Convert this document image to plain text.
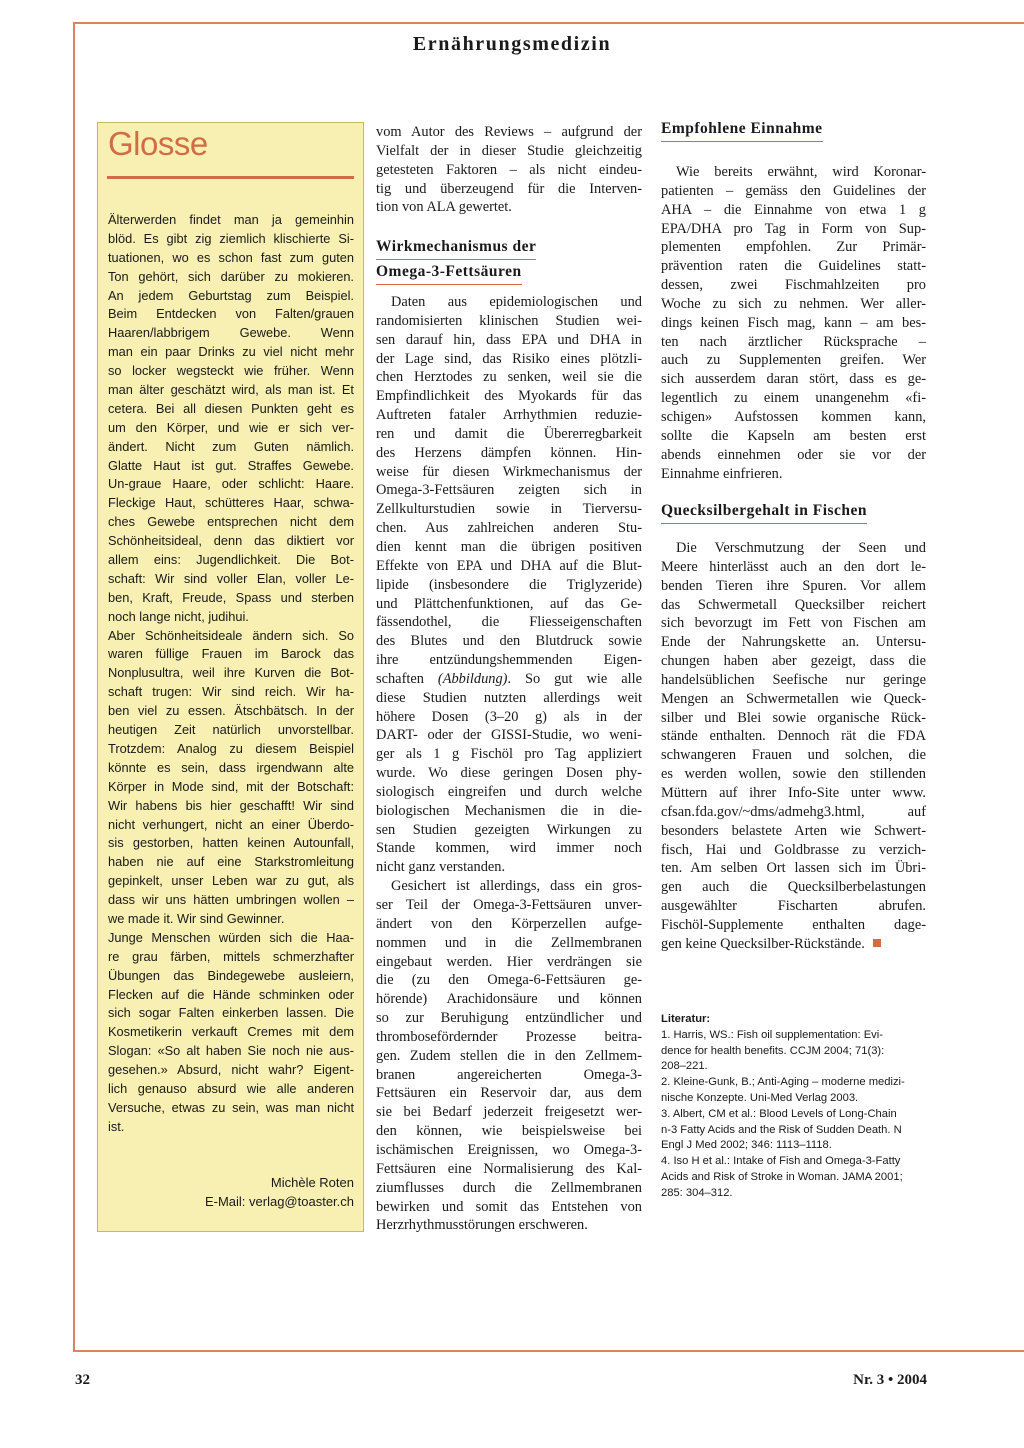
Ernährungsmedizin
Glosse
Älterwerden findet man ja gemeinhin
blöd. Es gibt zig ziemlich klischierte Si-
tuationen, wo es schon fast zum guten
Ton gehört, sich darüber zu mokieren.
An jedem Geburtstag zum Beispiel.
Beim Entdecken von Falten/grauen
Haaren/labbrigem Gewebe. Wenn
man ein paar Drinks zu viel nicht mehr
so locker wegsteckt wie früher. Wenn
man älter geschätzt wird, als man ist. Et
cetera. Bei all diesen Punkten geht es
um den Körper, und wie er sich ver-
ändert. Nicht zum Guten nämlich.
Glatte Haut ist gut. Straffes Gewebe.
Un-graue Haare, oder schlicht: Haare.
Fleckige Haut, schütteres Haar, schwa-
ches Gewebe entsprechen nicht dem
Schönheitsideal, denn das diktiert vor
allem eins: Jugendlichkeit. Die Bot-
schaft: Wir sind voller Elan, voller Le-
ben, Kraft, Freude, Spass und sterben
noch lange nicht, judihui.
Aber Schönheitsideale ändern sich. So
waren füllige Frauen im Barock das
Nonplusultra, weil ihre Kurven die Bot-
schaft trugen: Wir sind reich. Wir ha-
ben viel zu essen. Ätschbätsch. In der
heutigen Zeit natürlich unvorstellbar.
Trotzdem: Analog zu diesem Beispiel
könnte es sein, dass irgendwann alte
Körper in Mode sind, mit der Botschaft:
Wir habens bis hier geschafft! Wir sind
nicht verhungert, nicht an einer Überdo-
sis gestorben, hatten keinen Autounfall,
haben nie auf eine Starkstromleitung
gepinkelt, unser Leben war zu gut, als
dass wir uns hätten umbringen wollen –
we made it. Wir sind Gewinner.
Junge Menschen würden sich die Haa-
re grau färben, mittels schmerzhafter
Übungen das Bindegewebe ausleiern,
Flecken auf die Hände schminken oder
sich sogar Falten einkerben lassen. Die
Kosmetikerin verkauft Cremes mit dem
Slogan: «So alt haben Sie noch nie aus-
gesehen.» Absurd, nicht wahr? Eigent-
lich genauso absurd wie alle anderen
Versuche, etwas zu sein, was man nicht
ist.
Michèle Roten
E-Mail: verlag@toaster.ch
vom Autor des Reviews – aufgrund der
Vielfalt der in dieser Studie gleichzeitig
getesteten Faktoren – als nicht eindeu-
tig und überzeugend für die Interven-
tion von ALA gewertet.
Wirkmechanismus der
Omega-3-Fettsäuren
Daten aus epidemiologischen und
randomisierten klinischen Studien wei-
sen darauf hin, dass EPA und DHA in
der Lage sind, das Risiko eines plötzli-
chen Herztodes zu senken, weil sie die
Empfindlichkeit des Myokards für das
Auftreten fataler Arrhythmien reduzie-
ren und damit die Übererregbarkeit
des Herzens dämpfen können. Hin-
weise für diesen Wirkmechanismus der
Omega-3-Fettsäuren zeigten sich in
Zellkulturstudien sowie in Tierversu-
chen. Aus zahlreichen anderen Stu-
dien kennt man die übrigen positiven
Effekte von EPA und DHA auf die Blut-
lipide (insbesondere die Triglyzeride)
und Plättchenfunktionen, auf das Ge-
fässendothel, die Fliesseigenschaften
des Blutes und den Blutdruck sowie
ihre entzündungshemmenden Eigen-
schaften (Abbildung). So gut wie alle
diese Studien nutzten allerdings weit
höhere Dosen (3–20 g) als in der
DART- oder der GISSI-Studie, wo weni-
ger als 1 g Fischöl pro Tag appliziert
wurde. Wo diese geringen Dosen phy-
siologisch eingreifen und durch welche
biologischen Mechanismen die in die-
sen Studien gezeigten Wirkungen zu
Stande kommen, wird immer noch
nicht ganz verstanden.
Gesichert ist allerdings, dass ein gros-
ser Teil der Omega-3-Fettsäuren unver-
ändert von den Körperzellen aufge-
nommen und in die Zellmembranen
eingebaut werden. Hier verdrängen sie
die (zu den Omega-6-Fettsäuren ge-
hörende) Arachidonsäure und können
so zur Beruhigung entzündlicher und
thrombosefördernder Prozesse beitra-
gen. Zudem stellen die in den Zellmem-
branen angereicherten Omega-3-
Fettsäuren ein Reservoir dar, aus dem
sie bei Bedarf jederzeit freigesetzt wer-
den können, wie beispielsweise bei
ischämischen Ereignissen, wo Omega-3-
Fettsäuren eine Normalisierung des Kal-
ziumflusses durch die Zellmembranen
bewirken und somit das Entstehen von
Herzrhythmusstörungen erschweren.
Empfohlene Einnahme
Wie bereits erwähnt, wird Koronar-
patienten – gemäss den Guidelines der
AHA – die Einnahme von etwa 1 g
EPA/DHA pro Tag in Form von Sup-
plementen empfohlen. Zur Primär-
prävention raten die Guidelines statt-
dessen, zwei Fischmahlzeiten pro
Woche zu sich zu nehmen. Wer aller-
dings keinen Fisch mag, kann – am bes-
ten nach ärztlicher Rücksprache –
auch zu Supplementen greifen. Wer
sich ausserdem daran stört, dass es ge-
legentlich zu einem unangenehm «fi-
schigen» Aufstossen kommen kann,
sollte die Kapseln am besten erst
abends einnehmen oder sie vor der
Einnahme einfrieren.
Quecksilbergehalt in Fischen
Die Verschmutzung der Seen und
Meere hinterlässt auch an den dort le-
benden Tieren ihre Spuren. Vor allem
das Schwermetall Quecksilber reichert
sich bevorzugt im Fett von Fischen am
Ende der Nahrungskette an. Untersu-
chungen haben aber gezeigt, dass die
handelsüblichen Seefische nur geringe
Mengen an Schwermetallen wie Queck-
silber und Blei sowie organische Rück-
stände enthalten. Dennoch rät die FDA
schwangeren Frauen und solchen, die
es werden wollen, sowie den stillenden
Müttern auf ihrer Info-Site unter www.
cfsan.fda.gov/~dms/admehg3.html, auf
besonders belastete Arten wie Schwert-
fisch, Hai und Goldbrasse zu verzich-
ten. Am selben Ort lassen sich im Übri-
gen auch die Quecksilberbelastungen
ausgewählter Fischarten abrufen.
Fischöl-Supplemente enthalten dage-
gen keine Quecksilber-Rückstände.
Literatur:
1. Harris, WS.: Fish oil supplementation: Evi-
dence for health benefits. CCJM 2004; 71(3):
208–221.
2. Kleine-Gunk, B.; Anti-Aging – moderne medizi-
nische Konzepte. Uni-Med Verlag 2003.
3. Albert, CM et al.: Blood Levels of Long-Chain
n-3 Fatty Acids and the Risk of Sudden Death. N
Engl J Med 2002; 346: 1113–1118.
4. Iso H et al.: Intake of Fish and Omega-3-Fatty
Acids and Risk of Stroke in Woman. JAMA 2001;
285: 304–312.
32	Nr. 3 • 2004
